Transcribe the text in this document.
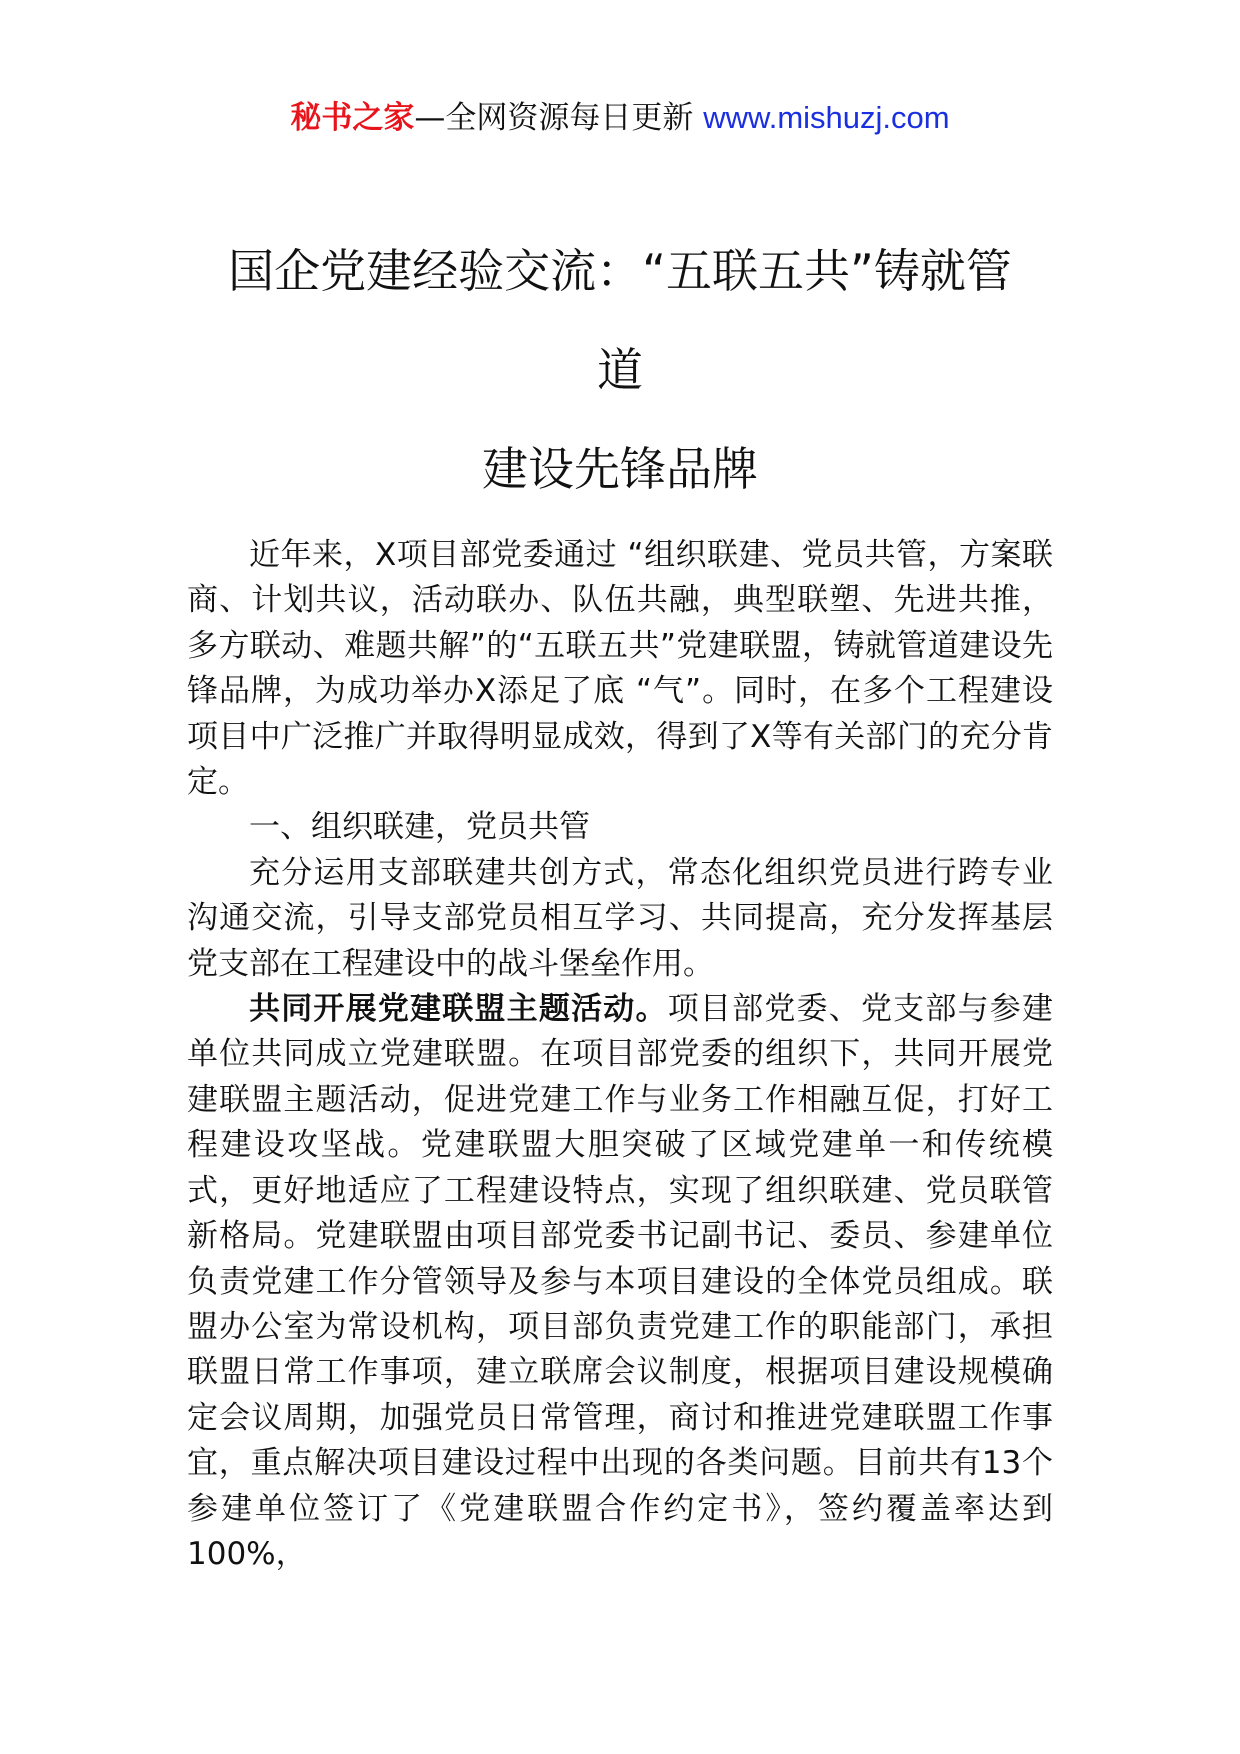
秘书之家—全网资源每日更新 www.mishuzj.com
国企党建经验交流：“五联五共”铸就管
道
建设先锋品牌

近年来，X项目部党委通过 “组织联建、党员共管，方案联商、计划共议，活动联办、队伍共融，典型联塑、先进共推，多方联动、难题共解”的“五联五共”党建联盟，铸就管道建设先锋品牌，为成功举办X添足了底 “气”。同时，在多个工程建设项目中广泛推广并取得明显成效，得到了X等有关部门的充分肯定。

一、组织联建，党员共管

充分运用支部联建共创方式，常态化组织党员进行跨专业沟通交流，引导支部党员相互学习、共同提高，充分发挥基层党支部在工程建设中的战斗堡垒作用。

共同开展党建联盟主题活动。项目部党委、党支部与参建单位共同成立党建联盟。在项目部党委的组织下，共同开展党建联盟主题活动，促进党建工作与业务工作相融互促，打好工程建设攻坚战。党建联盟大胆突破了区域党建单一和传统模式，更好地适应了工程建设特点，实现了组织联建、党员联管新格局。党建联盟由项目部党委书记副书记、委员、参建单位负责党建工作分管领导及参与本项目建设的全体党员组成。联盟办公室为常设机构，项目部负责党建工作的职能部门，承担联盟日常工作事项，建立联席会议制度，根据项目建设规模确定会议周期，加强党员日常管理，商讨和推进党建联盟工作事宜，重点解决项目建设过程中出现的各类问题。目前共有13个参建单位签订了《党建联盟合作约定书》，签约覆盖率达到100%，
